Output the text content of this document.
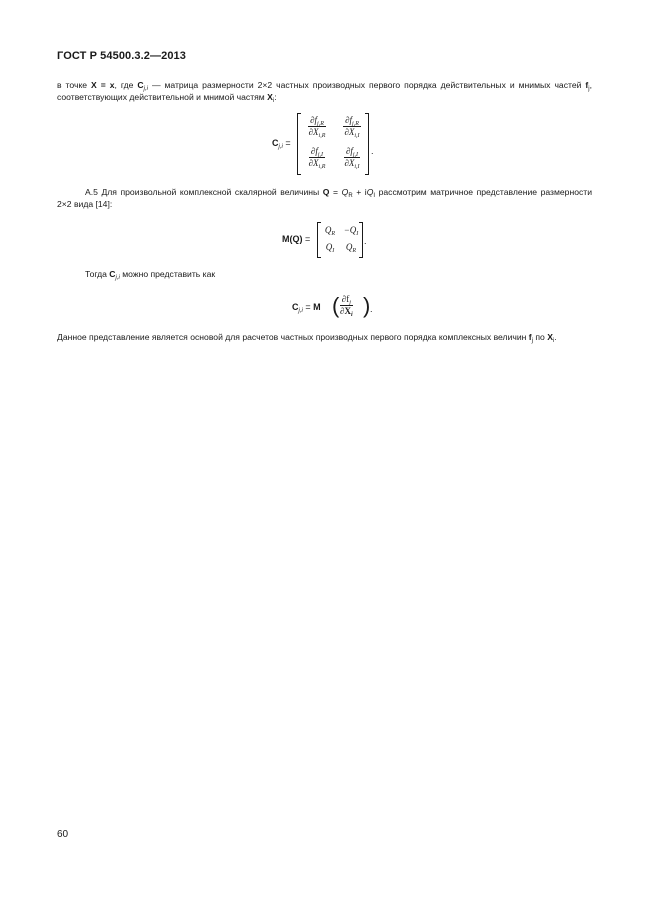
ГОСТ Р 54500.3.2—2013
в точке X = x, где $C_{j,i}$ — матрица размерности 2×2 частных производных первого порядка действительных и мнимых частей $f_j$, соответствующих действительной и мнимой частям $X_i$:
$C_{j,i}$ =
$\frac{\partial f_{j,R}}{\partial X_{i,R}} \frac{\partial f_{j,R}}{\partial X_{i,I}}$
$\frac{\partial f_{j,I}}{\partial X_{i,R}} \frac{\partial f_{j,I}}{\partial X_{i,I}}$ .
А.5 Для произвольной комплексной скалярной величины $Q = Q_R + iQ_I$ рассмотрим матричное представление размерности 2×2 вида [14]:
M(Q) =
$Q_R -Q_I$
$Q_I$	$Q_R$
.
Тогда $C_{j,i}$ можно представить как
$C_{j,i} = M$ (
$\frac{\partial f_j}{\partial X_i}$ ) .
Данное представление является основой для расчетов частных производных первого порядка комплексных величин $f_j$ по $X_i$.
60
